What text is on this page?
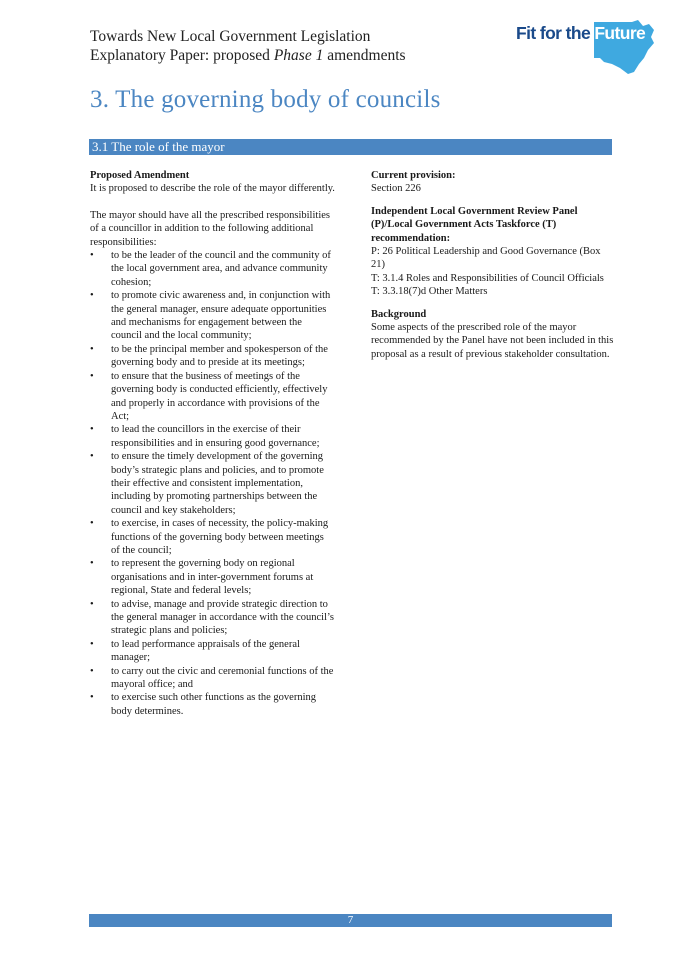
Towards New Local Government Legislation
Explanatory Paper: proposed Phase 1 amendments
Fit for the Future
3. The governing body of councils
3.1 The role of the mayor

Proposed Amendment

It is proposed to describe the role of the mayor differently.

The mayor should have all the prescribed responsibilities of a councillor in addition to the following additional responsibilities:

• to be the leader of the council and the community of the local government area, and advance community cohesion;
• to promote civic awareness and, in conjunction with the general manager, ensure adequate opportunities and mechanisms for engagement between the council and the local community;
• to be the principal member and spokesperson of the governing body and to preside at its meetings;
• to ensure that the business of meetings of the governing body is conducted efficiently, effectively and properly in accordance with provisions of the Act;
• to lead the councillors in the exercise of their responsibilities and in ensuring good governance;
• to ensure the timely development of the governing body’s strategic plans and policies, and to promote their effective and consistent implementation, including by promoting partnerships between the council and key stakeholders;
• to exercise, in cases of necessity, the policy-making functions of the governing body between meetings of the council;
• to represent the governing body on regional organisations and in inter-government forums at regional, State and federal levels;
• to advise, manage and provide strategic direction to the general manager in accordance with the council’s strategic plans and policies;
• to lead performance appraisals of the general manager;
• to carry out the civic and ceremonial functions of the mayoral office; and
• to exercise such other functions as the governing body determines.

Current provision:

Section 226

Independent Local Government Review Panel (P)/Local Government Acts Taskforce (T) recommendation:

P: 26 Political Leadership and Good Governance (Box 21)

T: 3.1.4 Roles and Responsibilities of Council Officials

T: 3.3.18(7)d Other Matters

Background

Some aspects of the prescribed role of the mayor recommended by the Panel have not been included in this proposal as a result of previous stakeholder consultation.

7
